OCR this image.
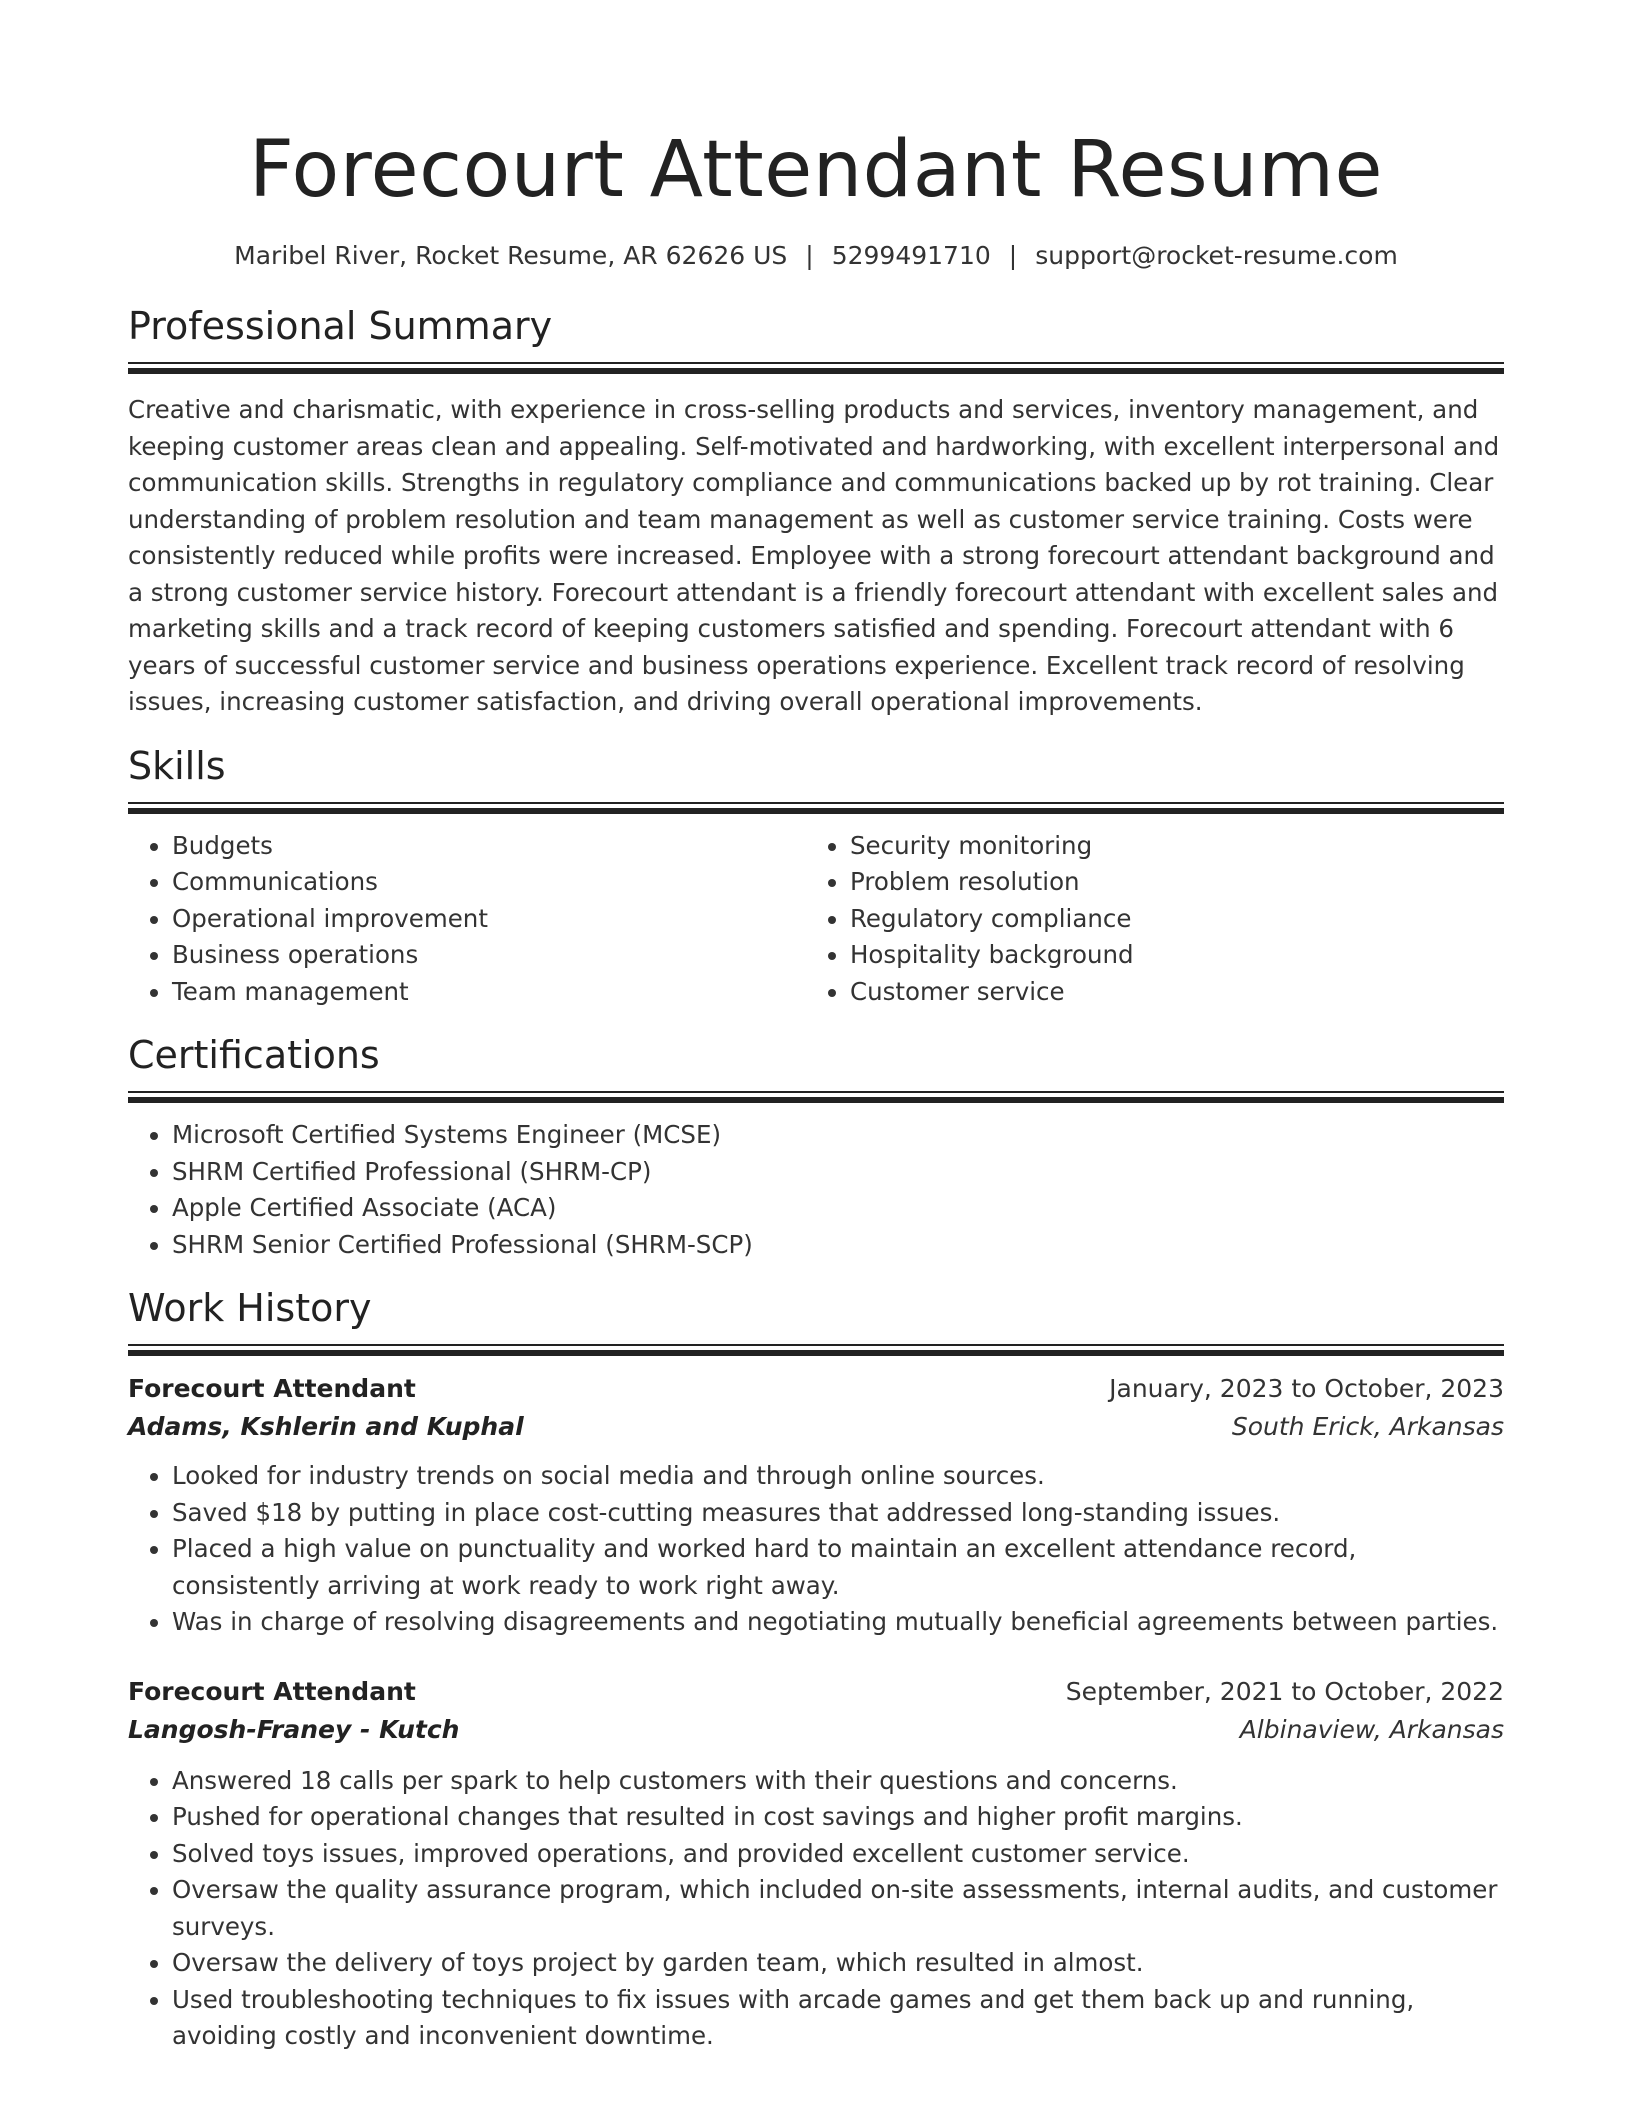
Forecourt Attendant Resume
Maribel River, Rocket Resume, AR 62626 US | 5299491710 | support@rocket-resume.com
Professional Summary

Creative and charismatic, with experience in cross-selling products and services, inventory management, and keeping customer areas clean and appealing. Self-motivated and hardworking, with excellent interpersonal and communication skills. Strengths in regulatory compliance and communications backed up by rot training. Clear understanding of problem resolution and team management as well as customer service training. Costs were consistently reduced while profits were increased. Employee with a strong forecourt attendant background and a strong customer service history. Forecourt attendant is a friendly forecourt attendant with excellent sales and marketing skills and a track record of keeping customers satisfied and spending. Forecourt attendant with 6 years of successful customer service and business operations experience. Excellent track record of resolving issues, increasing customer satisfaction, and driving overall operational improvements.

Skills
• Budgets
• Communications
• Operational improvement
• Business operations
• Team management
• Security monitoring
• Problem resolution
• Regulatory compliance
• Hospitality background
• Customer service
Certifications
• Microsoft Certified Systems Engineer (MCSE)
• SHRM Certified Professional (SHRM-CP)
• Apple Certified Associate (ACA)
• SHRM Senior Certified Professional (SHRM-SCP)
Work History
Forecourt Attendant	January, 2023 to October, 2023
Adams, Kshlerin and Kuphal	South Erick, Arkansas
• Looked for industry trends on social media and through online sources.
• Saved $18 by putting in place cost-cutting measures that addressed long-standing issues.
• Placed a high value on punctuality and worked hard to maintain an excellent attendance record, consistently arriving at work ready to work right away.
• Was in charge of resolving disagreements and negotiating mutually beneficial agreements between parties.
Forecourt Attendant	September, 2021 to October, 2022
Langosh-Franey - Kutch	Albinaview, Arkansas
• Answered 18 calls per spark to help customers with their questions and concerns.
• Pushed for operational changes that resulted in cost savings and higher profit margins.
• Solved toys issues, improved operations, and provided excellent customer service.
• Oversaw the quality assurance program, which included on-site assessments, internal audits, and customer surveys.
• Oversaw the delivery of toys project by garden team, which resulted in almost.
• Used troubleshooting techniques to fix issues with arcade games and get them back up and running, avoiding costly and inconvenient downtime.
